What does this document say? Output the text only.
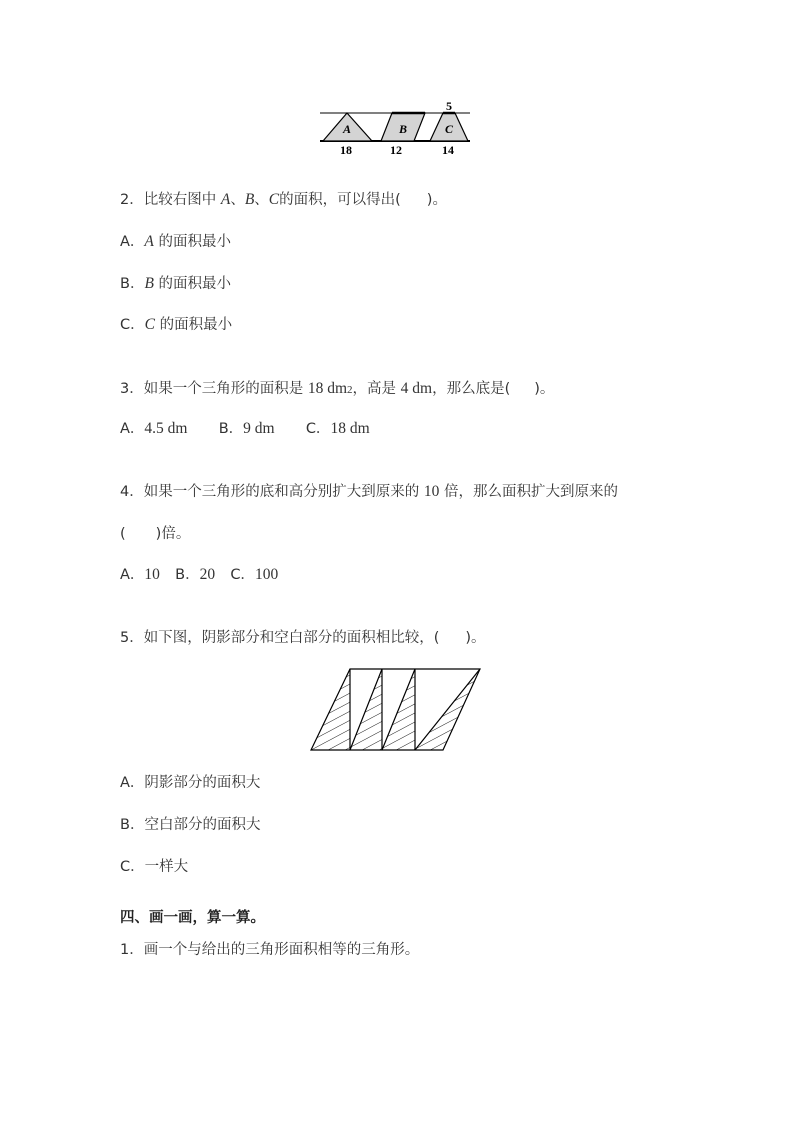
A	B	C
18	12	14
5
2．比较右图中 A、B、C的面积，可以得出( )。
A．A 的面积最小
B．B 的面积最小
C．C 的面积最小
3．如果一个三角形的面积是 18 dm2，高是 4 dm，那么底是( )。
A．4.5 dm B．9 dm C．18 dm
4．如果一个三角形的底和高分别扩大到原来的 10 倍，那么面积扩大到原来的
( )倍。
A．10 B．20 C．100
5．如下图，阴影部分和空白部分的面积相比较，( )。
A．阴影部分的面积大
B．空白部分的面积大
C．一样大
四、画一画，算一算。
1．画一个与给出的三角形面积相等的三角形。
